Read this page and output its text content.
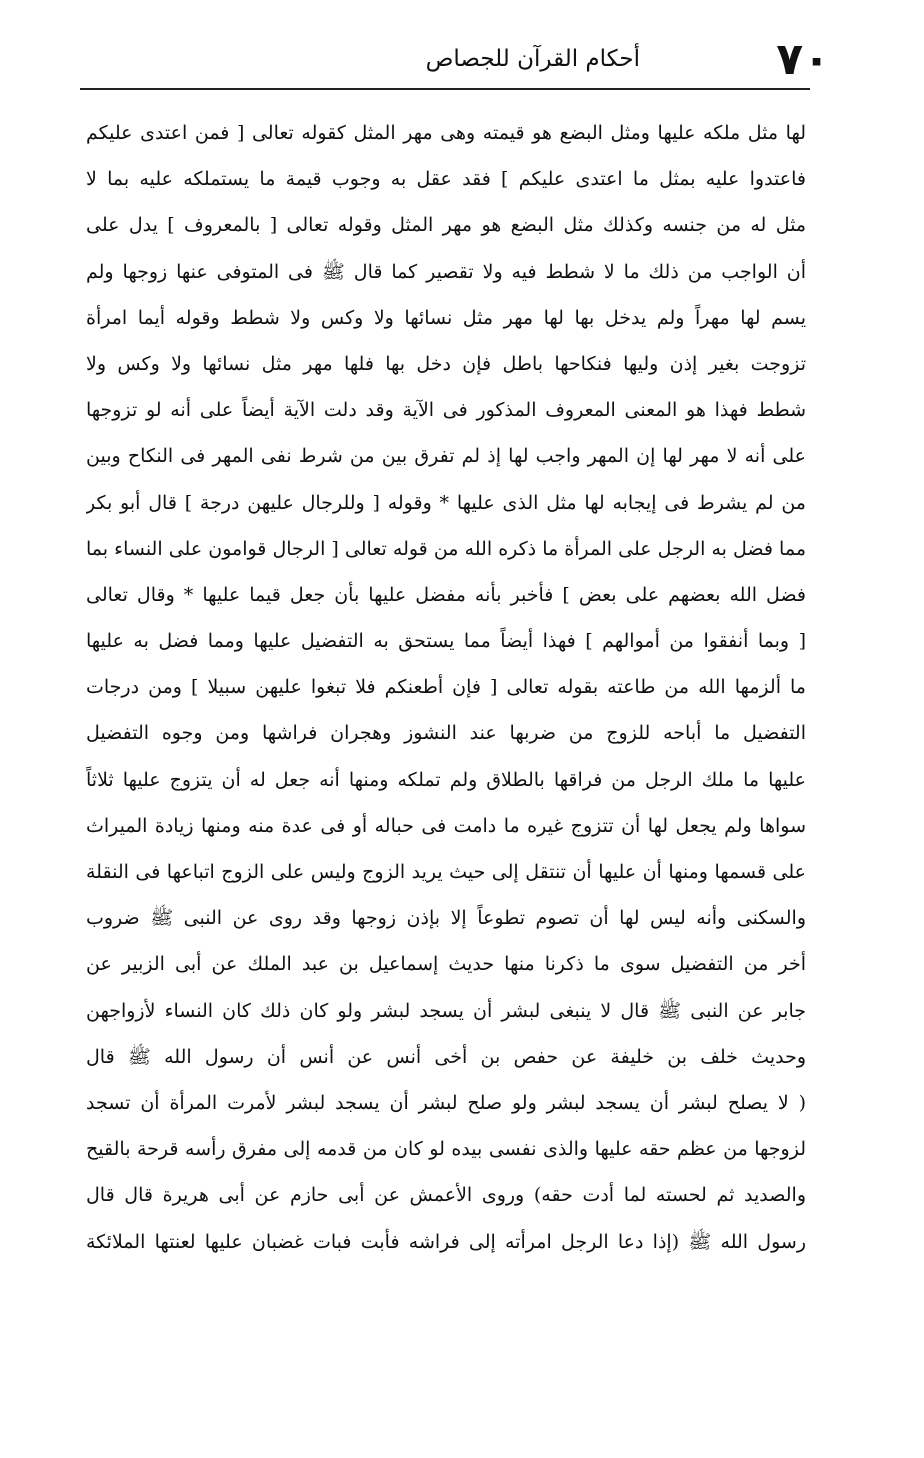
٧٠
أحكام القرآن للجصاص
لها مثل ملكه عليها ومثل البضع هو قيمته وهى مهر المثل كقوله تعالى [ فمن اعتدى عليكم
فاعتدوا عليه بمثل ما اعتدى عليكم ] فقد عقل به وجوب قيمة ما يستملكه عليه بما لا
مثل له من جنسه وكذلك مثل البضع هو مهر المثل وقوله تعالى [ بالمعروف ] يدل على
أن الواجب من ذلك ما لا شطط فيه ولا تقصير كما قال ﷺ فى المتوفى عنها زوجها ولم
يسم لها مهراً ولم يدخل بها لها مهر مثل نسائها ولا وكس ولا شطط وقوله أيما امرأة
تزوجت بغير إذن وليها فنكاحها باطل فإن دخل بها فلها مهر مثل نسائها ولا وكس ولا
شطط فهذا هو المعنى المعروف المذكور فى الآية وقد دلت الآية أيضاً على أنه لو تزوجها
على أنه لا مهر لها إن المهر واجب لها إذ لم تفرق بين من شرط نفى المهر فى النكاح وبين
من لم يشرط فى إيجابه لها مثل الذى عليها * وقوله [ وللرجال عليهن درجة ] قال أبو بكر
مما فضل به الرجل على المرأة ما ذكره الله من قوله تعالى [ الرجال قوامون على النساء بما
فضل الله بعضهم على بعض ] فأخبر بأنه مفضل عليها بأن جعل قيما عليها * وقال تعالى
[ وبما أنفقوا من أموالهم ] فهذا أيضاً مما يستحق به التفضيل عليها ومما فضل به عليها
ما ألزمها الله من طاعته بقوله تعالى [ فإن أطعنكم فلا تبغوا عليهن سبيلا ] ومن درجات
التفضيل ما أباحه للزوج من ضربها عند النشوز وهجران فراشها ومن وجوه التفضيل
عليها ما ملك الرجل من فراقها بالطلاق ولم تملكه ومنها أنه جعل له أن يتزوج عليها ثلاثاً
سواها ولم يجعل لها أن تتزوج غيره ما دامت فى حباله أو فى عدة منه ومنها زيادة الميراث
على قسمها ومنها أن عليها أن تنتقل إلى حيث يريد الزوج وليس على الزوج اتباعها فى النقلة
والسكنى وأنه ليس لها أن تصوم تطوعاً إلا بإذن زوجها وقد روى عن النبى ﷺ ضروب
أخر من التفضيل سوى ما ذكرنا منها حديث إسماعيل بن عبد الملك عن أبى الزبير عن
جابر عن النبى ﷺ قال لا ينبغى لبشر أن يسجد لبشر ولو كان ذلك كان النساء لأزواجهن
وحديث خلف بن خليفة عن حفص بن أخى أنس عن أنس أن رسول الله ﷺ قال
( لا يصلح لبشر أن يسجد لبشر ولو صلح لبشر أن يسجد لبشر لأمرت المرأة أن تسجد
لزوجها من عظم حقه عليها والذى نفسى بيده لو كان من قدمه إلى مفرق رأسه قرحة بالقيح
والصديد ثم لحسته لما أدت حقه) وروى الأعمش عن أبى حازم عن أبى هريرة قال قال
رسول الله ﷺ (إذا دعا الرجل امرأته إلى فراشه فأبت فبات غضبان عليها لعنتها الملائكة
